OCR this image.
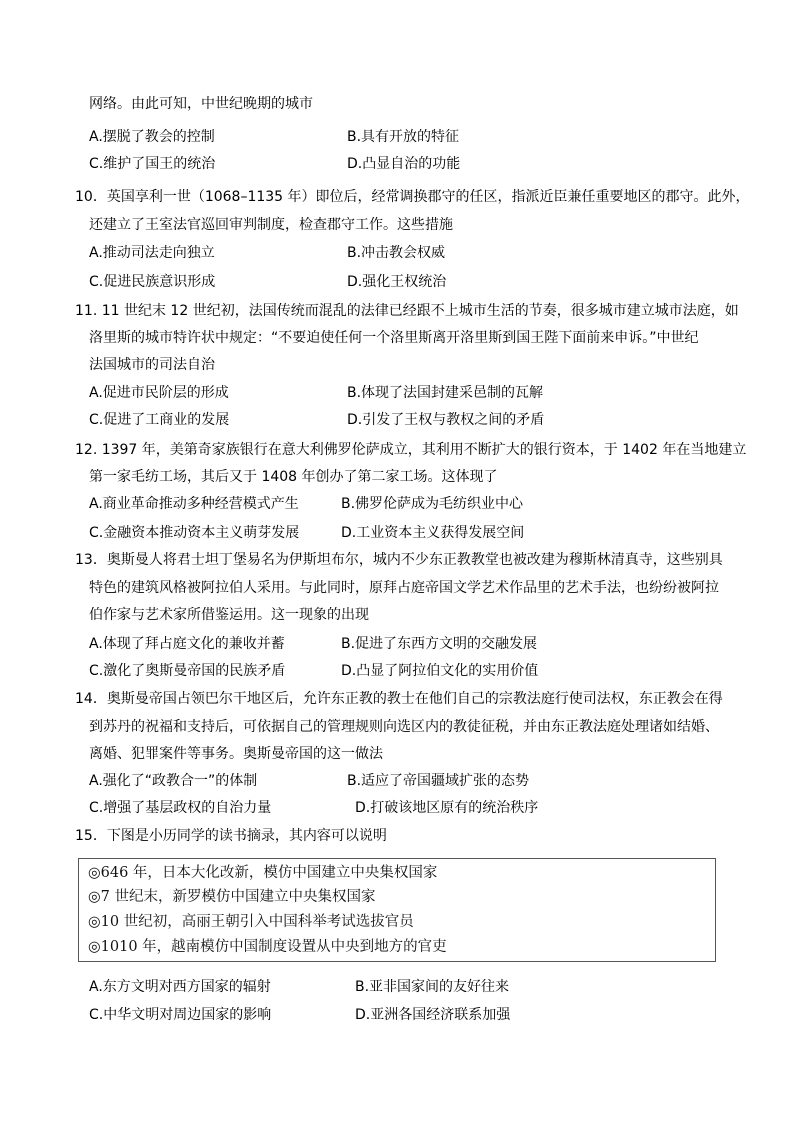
网络。由此可知，中世纪晚期的城市
A.摆脱了教会的控制	B.具有开放的特征
C.维护了国王的统治	D.凸显自治的功能
10．英国享利一世（1068–1135 年）即位后，经常调换郡守的任区，指派近臣兼任重要地区的郡守。此外，
还建立了王室法官巡回审判制度，检查郡守工作。这些措施
A.推动司法走向独立	B.冲击教会权威
C.促进民族意识形成	D.强化王权统治
11. 11 世纪末 12 世纪初，法国传统而混乱的法律已经跟不上城市生活的节奏，很多城市建立城市法庭，如
洛里斯的城市特许状中规定：“不要迫使任何一个洛里斯离开洛里斯到国王陛下面前来申诉。”中世纪
法国城市的司法自治
A.促进市民阶层的形成	B.体现了法国封建采邑制的瓦解
C.促进了工商业的发展	D.引发了王权与教权之间的矛盾
12. 1397 年，美第奇家族银行在意大利佛罗伦萨成立，其利用不断扩大的银行资本，于 1402 年在当地建立
第一家毛纺工场，其后又于 1408 年创办了第二家工场。这体现了
A.商业革命推动多种经营模式产生	B.佛罗伦萨成为毛纺织业中心
C.金融资本推动资本主义萌芽发展	D.工业资本主义获得发展空间
13．奥斯曼人将君士坦丁堡易名为伊斯坦布尔，城内不少东正教教堂也被改建为穆斯林清真寺，这些别具
特色的建筑风格被阿拉伯人采用。与此同时，原拜占庭帝国文学艺术作品里的艺术手法，也纷纷被阿拉
伯作家与艺术家所借鉴运用。这一现象的出现
A.体现了拜占庭文化的兼收并蓄	B.促进了东西方文明的交融发展
C.激化了奥斯曼帝国的民族矛盾	D.凸显了阿拉伯文化的实用价值
14．奥斯曼帝国占领巴尔干地区后，允许东正教的教士在他们自己的宗教法庭行使司法权，东正教会在得
到苏丹的祝福和支持后，可依据自己的管理规则向选区内的教徒征税，并由东正教法庭处理诸如结婚、
离婚、犯罪案件等事务。奥斯曼帝国的这一做法
A.强化了“政教合一”的体制	B.适应了帝国疆域扩张的态势
C.增强了基层政权的自治力量	D.打破该地区原有的统治秩序
15．下图是小历同学的读书摘录，其内容可以说明
◎646 年，日本大化改新，模仿中国建立中央集权国家
◎7 世纪末，新罗模仿中国建立中央集权国家
◎10 世纪初，高丽王朝引入中国科举考试选拔官员
◎1010 年，越南模仿中国制度设置从中央到地方的官吏
A.东方文明对西方国家的辐射	B.亚非国家间的友好往来
C.中华文明对周边国家的影响	D.亚洲各国经济联系加强
